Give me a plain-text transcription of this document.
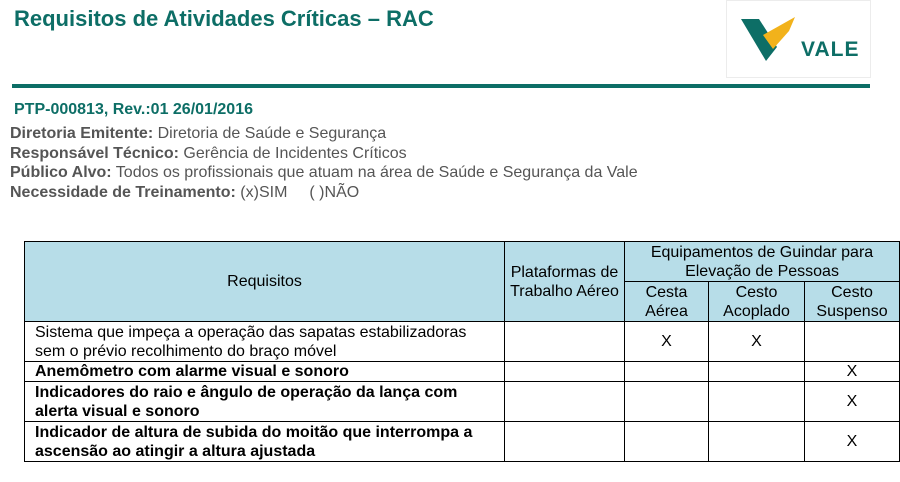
Requisitos de Atividades Críticas – RAC
VALE
PTP-000813, Rev.:01 26/01/2016
Diretoria Emitente: Diretoria de Saúde e Segurança
Responsável Técnico: Gerência de Incidentes Críticos
Público Alvo: Todos os profissionais que atuam na área de Saúde e Segurança da Vale
Necessidade de Treinamento: (x)SIM ( )NÃO
Requisitos	Plataformas de Trabalho Aéreo	Equipamentos de Guindar para Elevação de Pessoas		
		Cesta Aérea	Cesto Acoplado	Cesto Suspenso
Sistema que impeça a operação das sapatas estabilizadoras sem o prévio recolhimento do braço móvel		X	X	
Anemômetro com alarme visual e sonoro				X
Indicadores do raio e ângulo de operação da lança com alerta visual e sonoro				X
Indicador de altura de subida do moitão que interrompa a ascensão ao atingir a altura ajustada				X
